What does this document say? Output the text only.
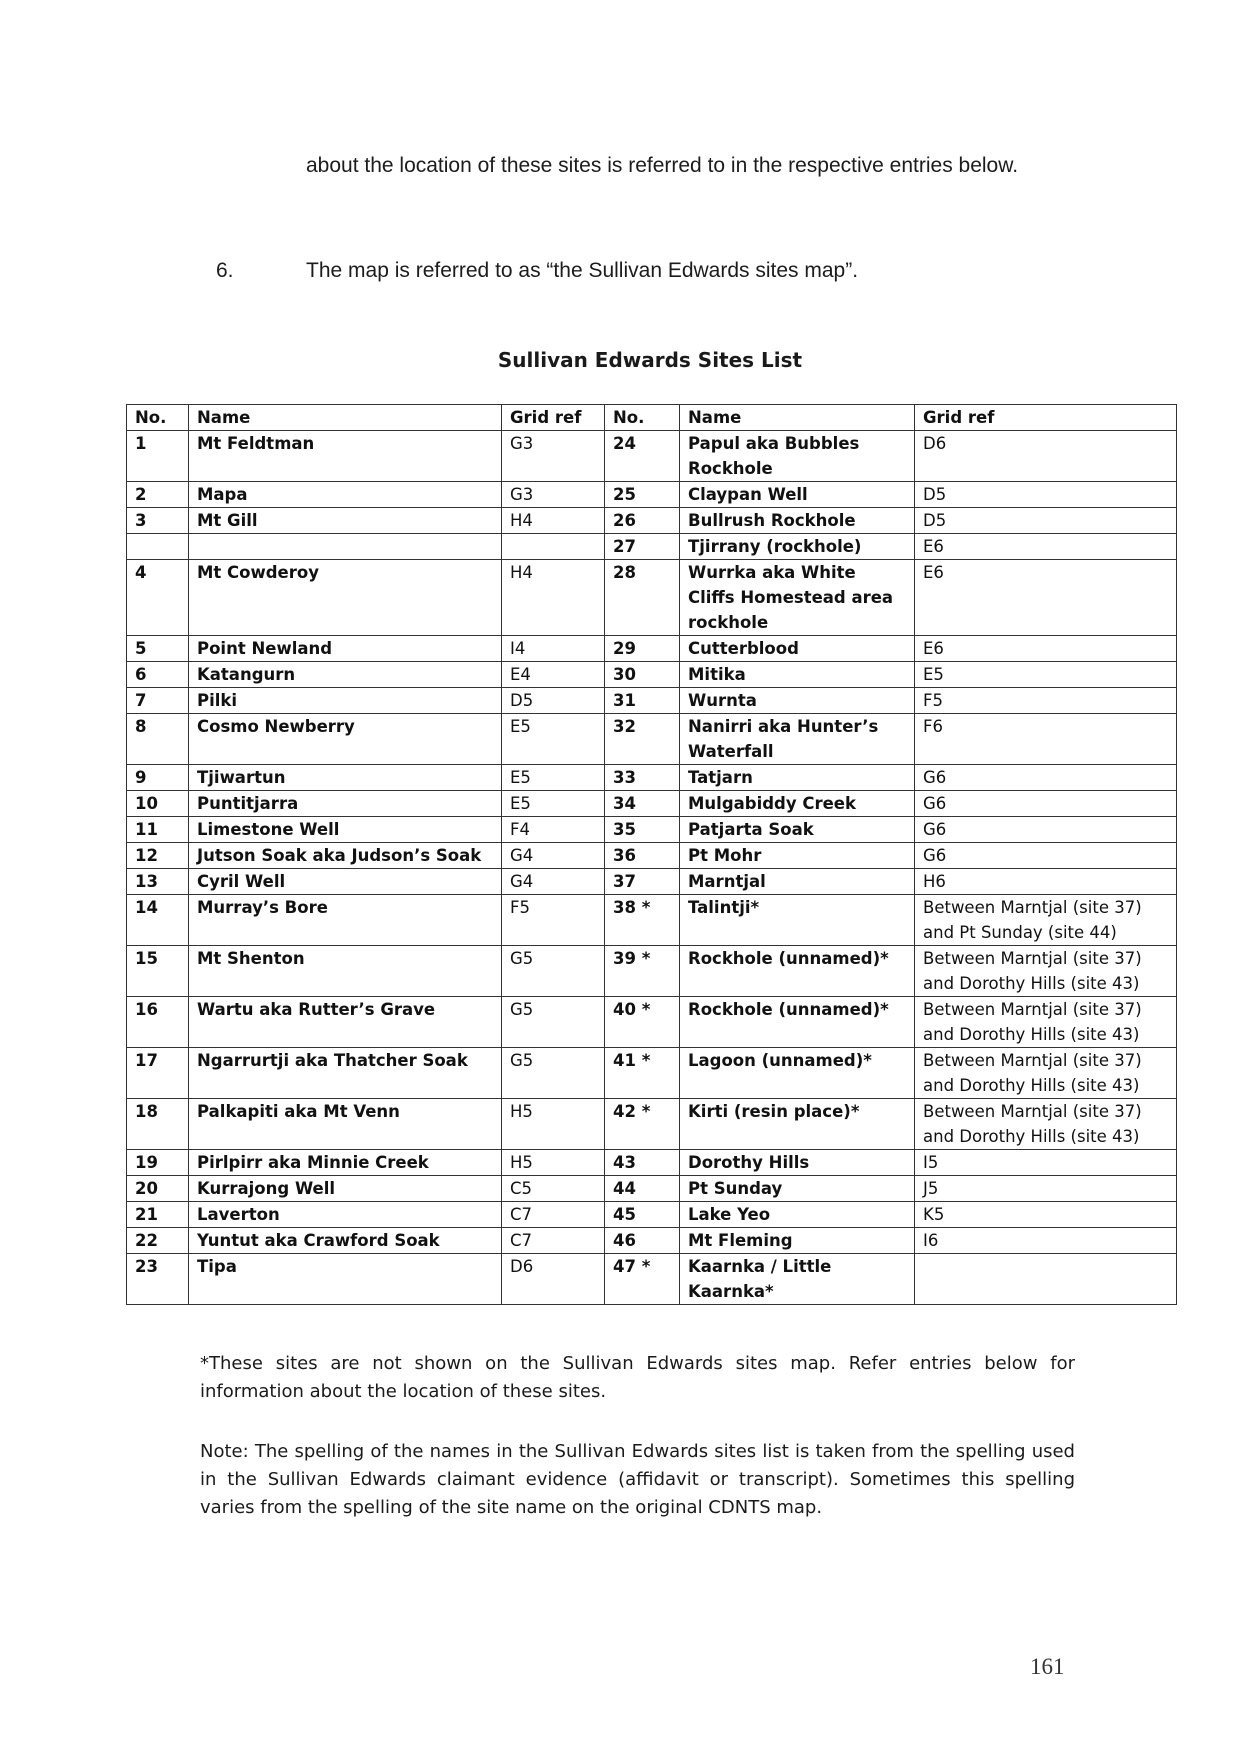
about the location of these sites is referred to in the respective entries below.
6.	The map is referred to as “the Sullivan Edwards sites map”.
Sullivan Edwards Sites List
No.	Name	Grid ref	No.	Name	Grid ref
1	Mt Feldtman	G3	24	Papul aka Bubbles Rockhole	D6
2	Mapa	G3	25	Claypan Well	D5
3	Mt Gill	H4	26	Bullrush Rockhole	D5
			27	Tjirrany (rockhole)	E6
4	Mt Cowderoy	H4	28	Wurrka aka White Cliffs Homestead area rockhole	E6
5	Point Newland	I4	29	Cutterblood	E6
6	Katangurn	E4	30	Mitika	E5
7	Pilki	D5	31	Wurnta	F5
8	Cosmo Newberry	E5	32	Nanirri aka Hunter’s Waterfall	F6
9	Tjiwartun	E5	33	Tatjarn	G6
10	Puntitjarra	E5	34	Mulgabiddy Creek	G6
11	Limestone Well	F4	35	Patjarta Soak	G6
12	Jutson Soak aka Judson’s Soak	G4	36	Pt Mohr	G6
13	Cyril Well	G4	37	Marntjal	H6
14	Murray’s Bore	F5	38 *	Talintji*	Between Marntjal (site 37) and Pt Sunday (site 44)
15	Mt Shenton	G5	39 *	Rockhole (unnamed)*	Between Marntjal (site 37) and Dorothy Hills (site 43)
16	Wartu aka Rutter’s Grave	G5	40 *	Rockhole (unnamed)*	Between Marntjal (site 37) and Dorothy Hills (site 43)
17	Ngarrurtji aka Thatcher Soak	G5	41 *	Lagoon (unnamed)*	Between Marntjal (site 37) and Dorothy Hills (site 43)
18	Palkapiti aka Mt Venn	H5	42 *	Kirti (resin place)*	Between Marntjal (site 37) and Dorothy Hills (site 43)
19	Pirlpirr aka Minnie Creek	H5	43	Dorothy Hills	I5
20	Kurrajong Well	C5	44	Pt Sunday	J5
21	Laverton	C7	45	Lake Yeo	K5
22	Yuntut aka Crawford Soak	C7	46	Mt Fleming	I6
23	Tipa	D6	47 *	Kaarnka / Little Kaarnka*	
*These sites are not shown on the Sullivan Edwards sites map. Refer entries below for information about the location of these sites.
Note: The spelling of the names in the Sullivan Edwards sites list is taken from the spelling used in the Sullivan Edwards claimant evidence (affidavit or transcript). Sometimes this spelling varies from the spelling of the site name on the original CDNTS map.
161
